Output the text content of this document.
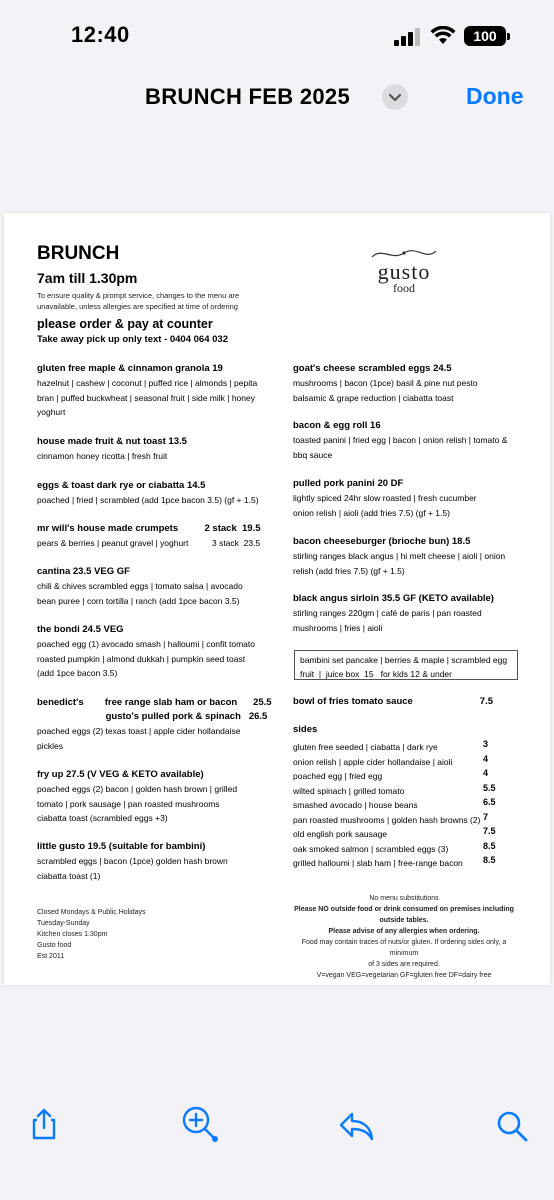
12:40	100
BRUNCH FEB 2025	Done
BRUNCH
7am till 1.30pm
To ensure quality & prompt service, changes to the menu are
unavailable, unless allergies are specified at time of ordering
please order & pay at counter
Take away pick up only text - 0404 064 032
gusto
food
gluten free maple & cinnamon granola 19
hazelnut | cashew | coconut | puffed rice | almonds | pepita
bran | puffed buckwheat | seasonal fruit | side milk | honey
yoghurt
house made fruit & nut toast 13.5
cinnamon honey ricotta | fresh fruit
eggs & toast dark rye or ciabatta 14.5
poached | fried | scrambled (add 1pce bacon 3.5) (gf + 1.5)
mr will's house made crumpets          2 stack  19.5
pears & berries | peanut gravel | yoghurt          3 stack  23.5
cantina 23.5 VEG GF
chili & chives scrambled eggs | tomato salsa | avocado
bean puree | corn tortilla | ranch (add 1pce bacon 3.5)
the bondi 24.5 VEG
poached egg (1) avocado smash | halloumi | confit tomato
roasted pumpkin | almond dukkah | pumpkin seed toast
(add 1pce bacon 3.5)
benedict's        free range slab ham or bacon      25.5
gusto's pulled pork & spinach   26.5
poached eggs (2) texas toast | apple cider hollandaise
pickles
fry up 27.5 (V VEG & KETO available)
poached eggs (2) bacon | golden hash brown | grilled
tomato | pork sausage | pan roasted mushrooms
ciabatta toast (scrambled eggs +3)
little gusto 19.5 (suitable for bambini)
scrambled eggs | bacon (1pce) golden hash brown
ciabatta toast (1)
goat's cheese scrambled eggs 24.5
mushrooms | bacon (1pce) basil & pine nut pesto
balsamic & grape reduction | ciabatta toast
bacon & egg roll 16
toasted panini | fried egg | bacon | onion relish | tomato &
bbq sauce
pulled pork panini 20 DF
lightly spiced 24hr slow roasted | fresh cucumber
onion relish | aioli (add fries 7.5) (gf + 1.5)
bacon cheeseburger (brioche bun) 18.5
stirling ranges black angus | hi melt cheese | aioli | onion
relish (add fries 7.5) (gf + 1.5)
black angus sirloin 35.5 GF (KETO available)
stirling ranges 220gm | café de paris | pan roasted
mushrooms | fries | aioli
bambini set pancake | berries & maple | scrambled egg
fruit  |  juice box  15   for kids 12 & under
bowl of fries tomato sauce	7.5
sides
gluten free seeded | ciabatta | dark rye	3
onion relish | apple cider hollandaise | aioli	4
poached egg | fried egg	4
wilted spinach | grilled tomato	5.5
smashed avocado | house beans	6.5
pan roasted mushrooms | golden hash browns (2) 7
old english pork sausage	7.5
oak smoked salmon | scrambled eggs (3)	8.5
grilled halloumi | slab ham | free-range bacon 8.5
Closed Mondays & Public Holidays
Tuesday-Sunday
Kitchen closes 1.30pm
Gusto food
Est 2011
No menu substitutions
Please NO outside food or drink consumed on premises including
outside tables.
Please advise of any allergies when ordering.
Food may contain traces of nuts/or gluten. If ordering sides only, a minimum
of 3 sides are required.
V=vegan VEG=vegetarian GF=gluten free DF=dairy free
